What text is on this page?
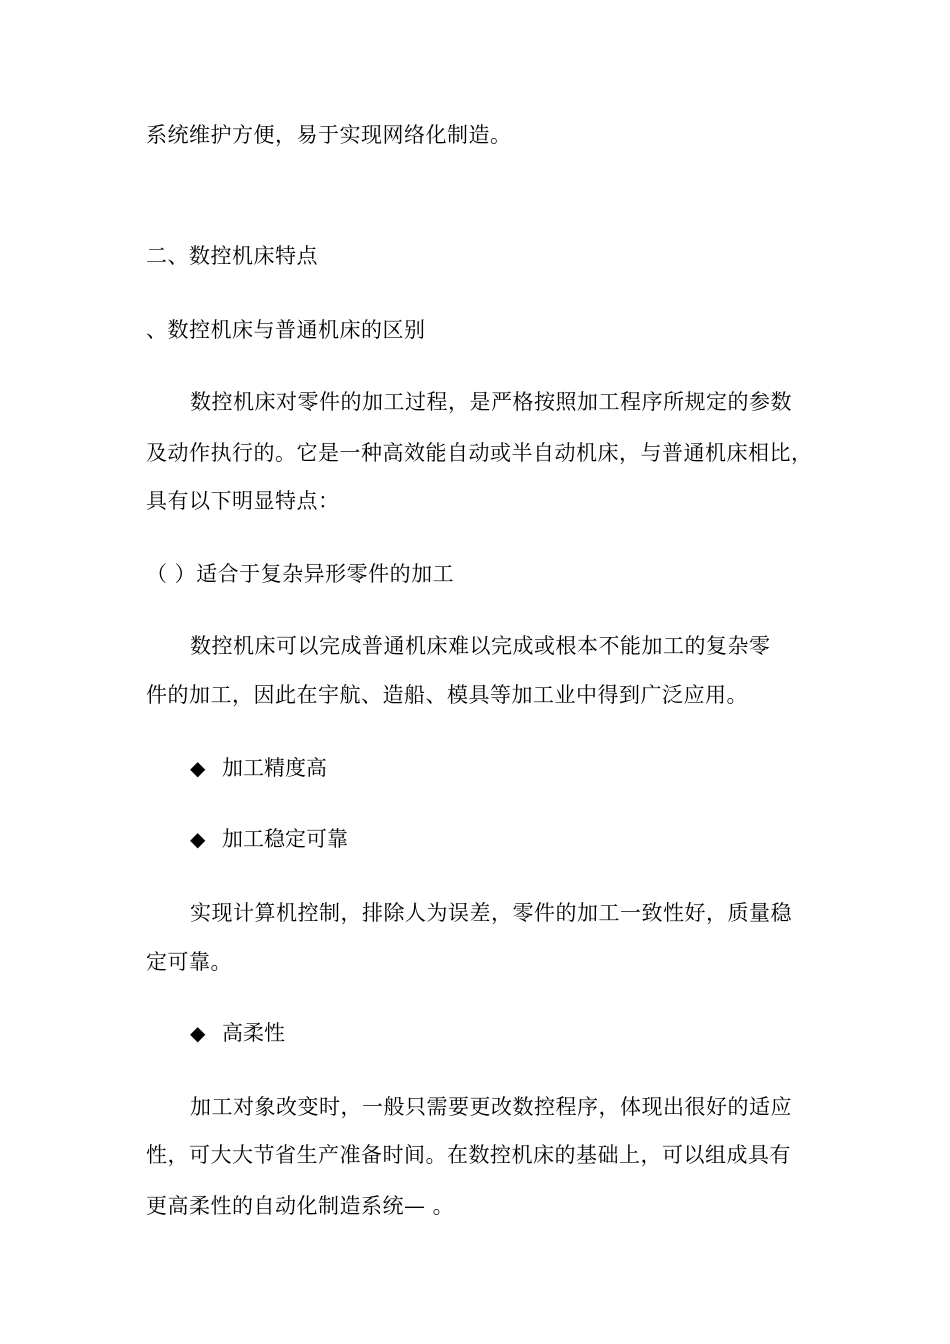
系统维护方便，易于实现网络化制造。
二、数控机床特点
、数控机床与普通机床的区别
数控机床对零件的加工过程，是严格按照加工程序所规定的参数
及动作执行的。它是一种高效能自动或半自动机床，与普通机床相比，
具有以下明显特点：
（ ）适合于复杂异形零件的加工
数控机床可以完成普通机床难以完成或根本不能加工的复杂零
件的加工，因此在宇航、造船、模具等加工业中得到广泛应用。
◆ 加工精度高
◆ 加工稳定可靠
实现计算机控制，排除人为误差，零件的加工一致性好，质量稳
定可靠。
◆ 高柔性
加工对象改变时，一般只需要更改数控程序，体现出很好的适应
性，可大大节省生产准备时间。在数控机床的基础上，可以组成具有
更高柔性的自动化制造系统— 。
